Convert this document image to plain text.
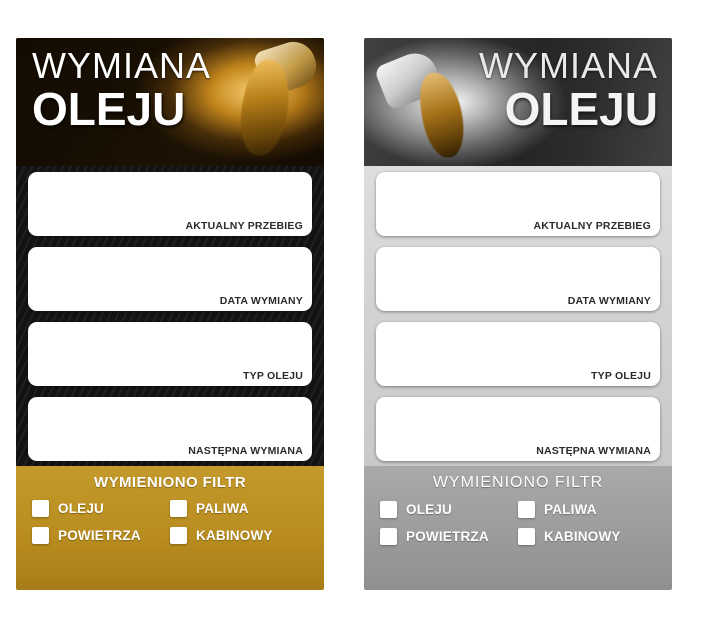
WYMIANA
OLEJU
AKTUALNY PRZEBIEG
DATA WYMIANY
TYP OLEJU
NASTĘPNA WYMIANA
WYMIENIONO FILTR
OLEJU	PALIWA
POWIETRZA	KABINOWY
WYMIANA
OLEJU
AKTUALNY PRZEBIEG
DATA WYMIANY
TYP OLEJU
NASTĘPNA WYMIANA
WYMIENIONO FILTR
OLEJU	PALIWA
POWIETRZA	KABINOWY
